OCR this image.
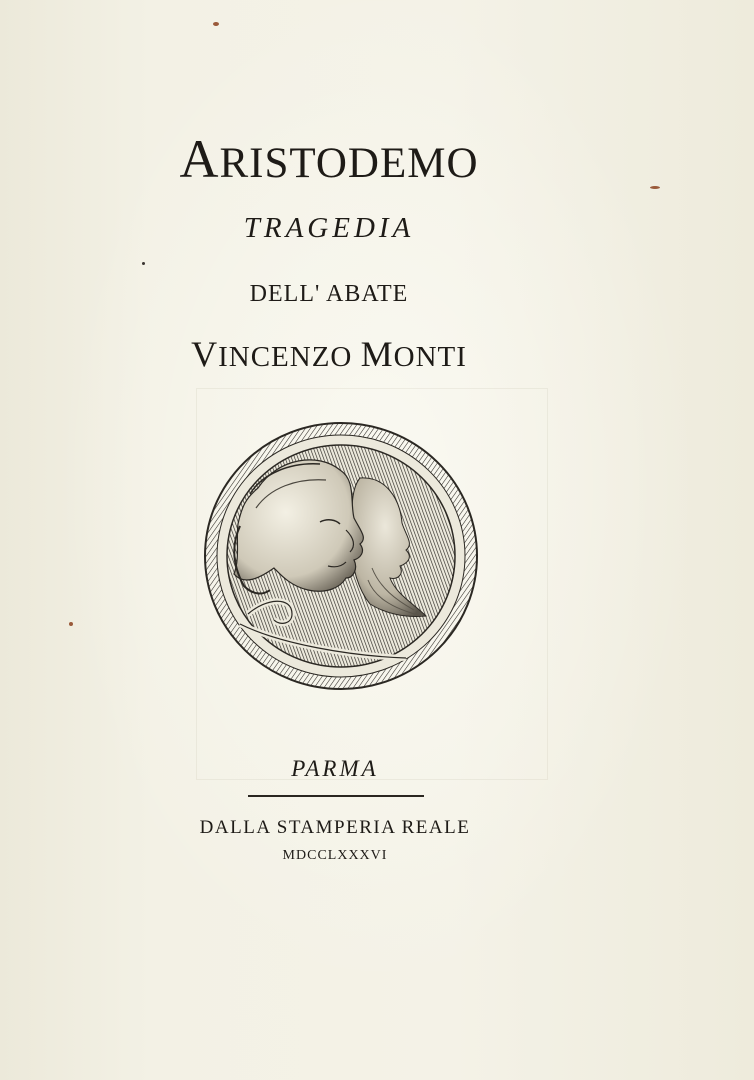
ARISTODEMO
TRAGEDIA
DELL' ABATE
VINCENZO MONTI
PARMA
DALLA STAMPERIA REALE
MDCCLXXXVI
